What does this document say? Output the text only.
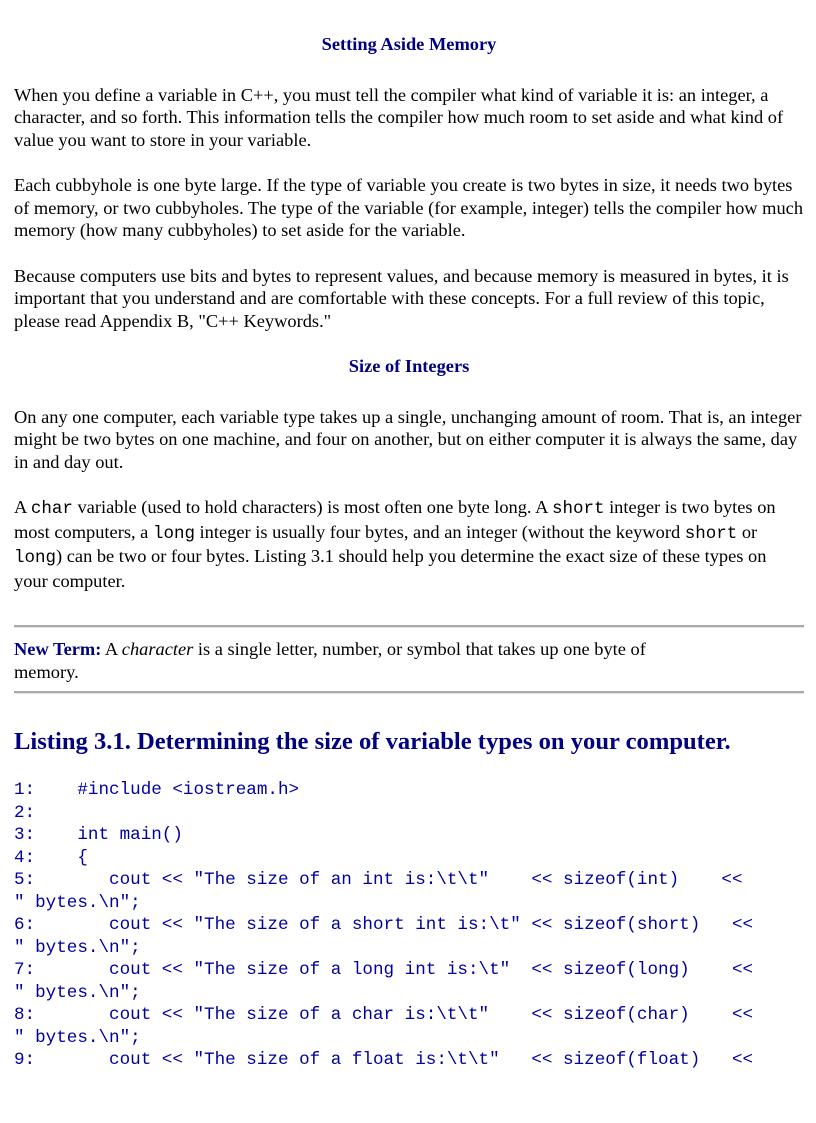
Setting Aside Memory

When you define a variable in C++, you must tell the compiler what kind of variable it is: an integer, a character, and so forth. This information tells the compiler how much room to set aside and what kind of value you want to store in your variable.

Each cubbyhole is one byte large. If the type of variable you create is two bytes in size, it needs two bytes of memory, or two cubbyholes. The type of the variable (for example, integer) tells the compiler how much memory (how many cubbyholes) to set aside for the variable.

Because computers use bits and bytes to represent values, and because memory is measured in bytes, it is important that you understand and are comfortable with these concepts. For a full review of this topic, please read Appendix B, "C++ Keywords."

Size of Integers

On any one computer, each variable type takes up a single, unchanging amount of room. That is, an integer might be two bytes on one machine, and four on another, but on either computer it is always the same, day in and day out.

A char variable (used to hold characters) is most often one byte long. A short integer is two bytes on most computers, a long integer is usually four bytes, and an integer (without the keyword short or long) can be two or four bytes. Listing 3.1 should help you determine the exact size of these types on your computer.

New Term: A character is a single letter, number, or symbol that takes up one byte of memory.

Listing 3.1. Determining the size of variable types on your computer.
1:    #include <iostream.h>
2:
3:    int main()
4:    {
5:       cout << "The size of an int is:\t\t"    << sizeof(int)    <<
" bytes.\n";
6:       cout << "The size of a short int is:\t" << sizeof(short)   <<
" bytes.\n";
7:       cout << "The size of a long int is:\t"  << sizeof(long)    <<
" bytes.\n";
8:       cout << "The size of a char is:\t\t"    << sizeof(char)    <<
" bytes.\n";
9:       cout << "The size of a float is:\t\t"   << sizeof(float)   <<
